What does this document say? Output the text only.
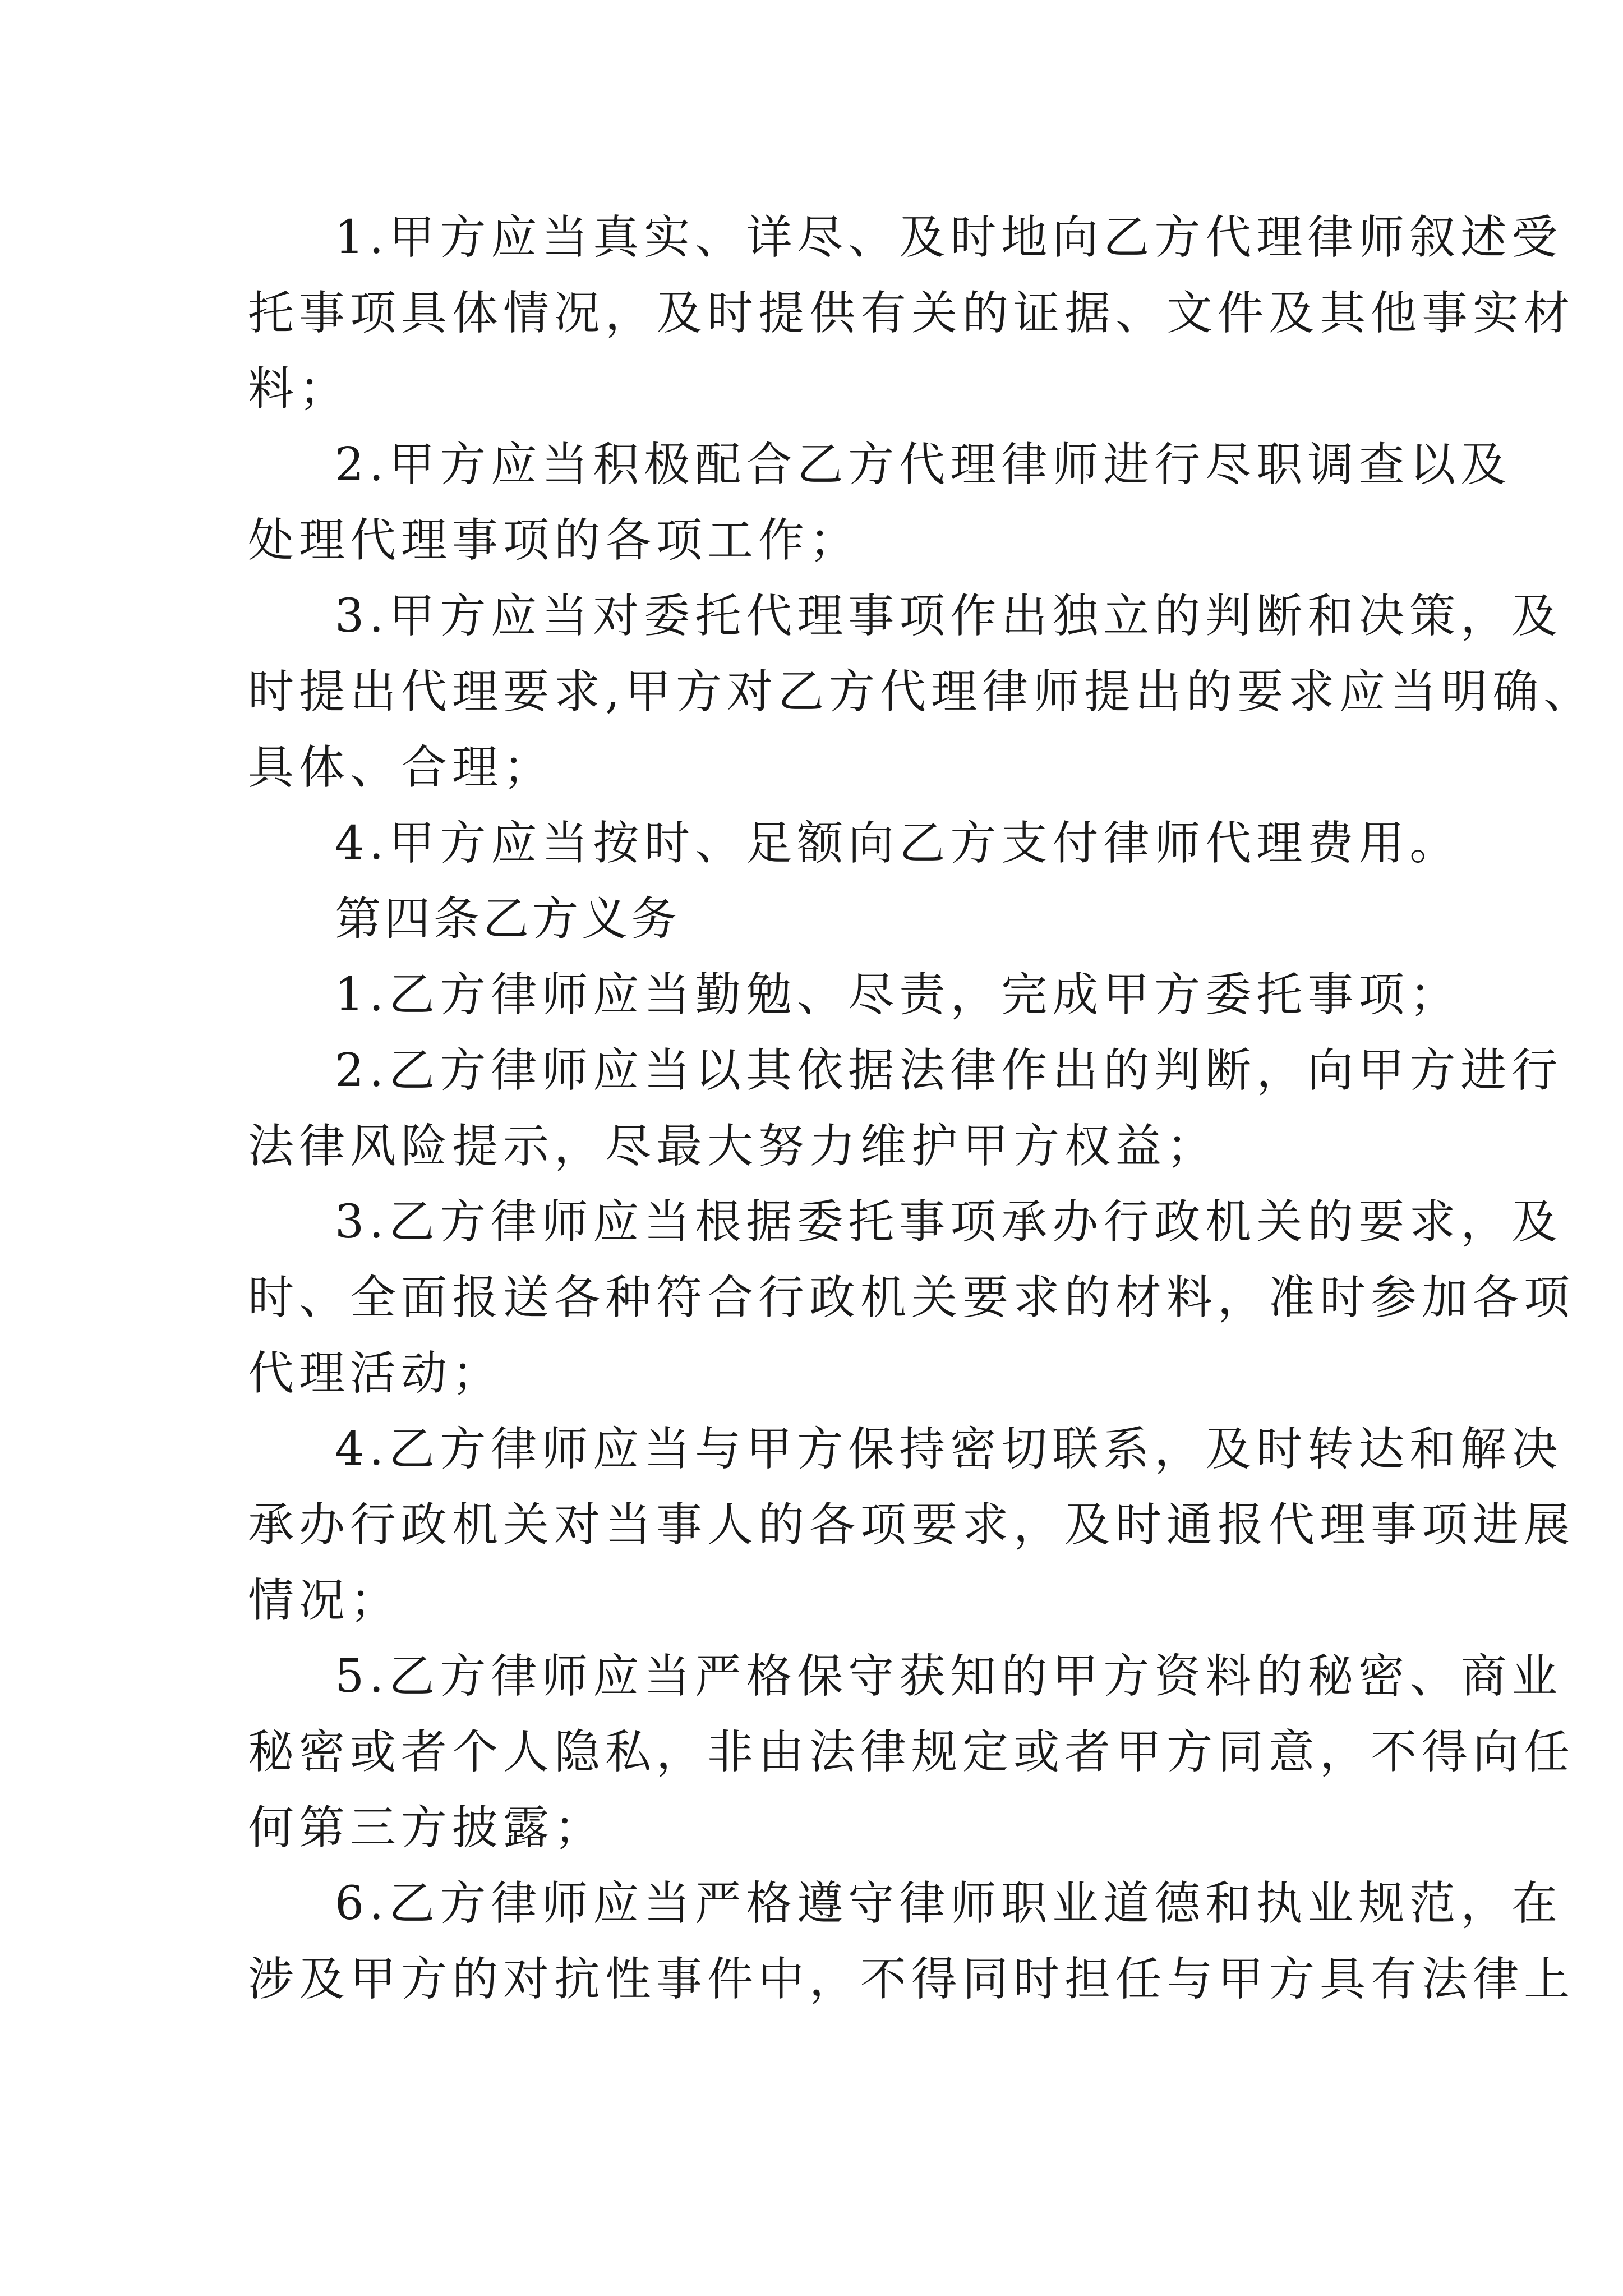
1.甲方应当真实、详尽、及时地向乙方代理律师叙述受
托事项具体情况，及时提供有关的证据、文件及其他事实材
料；
2.甲方应当积极配合乙方代理律师进行尽职调查以及
处理代理事项的各项工作；
3.甲方应当对委托代理事项作出独立的判断和决策，及
时提出代理要求,甲方对乙方代理律师提出的要求应当明确、
具体、合理；
4.甲方应当按时、足额向乙方支付律师代理费用。
第四条乙方义务
1.乙方律师应当勤勉、尽责，完成甲方委托事项；
2.乙方律师应当以其依据法律作出的判断，向甲方进行
法律风险提示，尽最大努力维护甲方权益；
3.乙方律师应当根据委托事项承办行政机关的要求，及
时、全面报送各种符合行政机关要求的材料，准时参加各项
代理活动；
4.乙方律师应当与甲方保持密切联系，及时转达和解决
承办行政机关对当事人的各项要求，及时通报代理事项进展
情况；
5.乙方律师应当严格保守获知的甲方资料的秘密、商业
秘密或者个人隐私，非由法律规定或者甲方同意，不得向任
何第三方披露；
6.乙方律师应当严格遵守律师职业道德和执业规范，在
涉及甲方的对抗性事件中，不得同时担任与甲方具有法律上
